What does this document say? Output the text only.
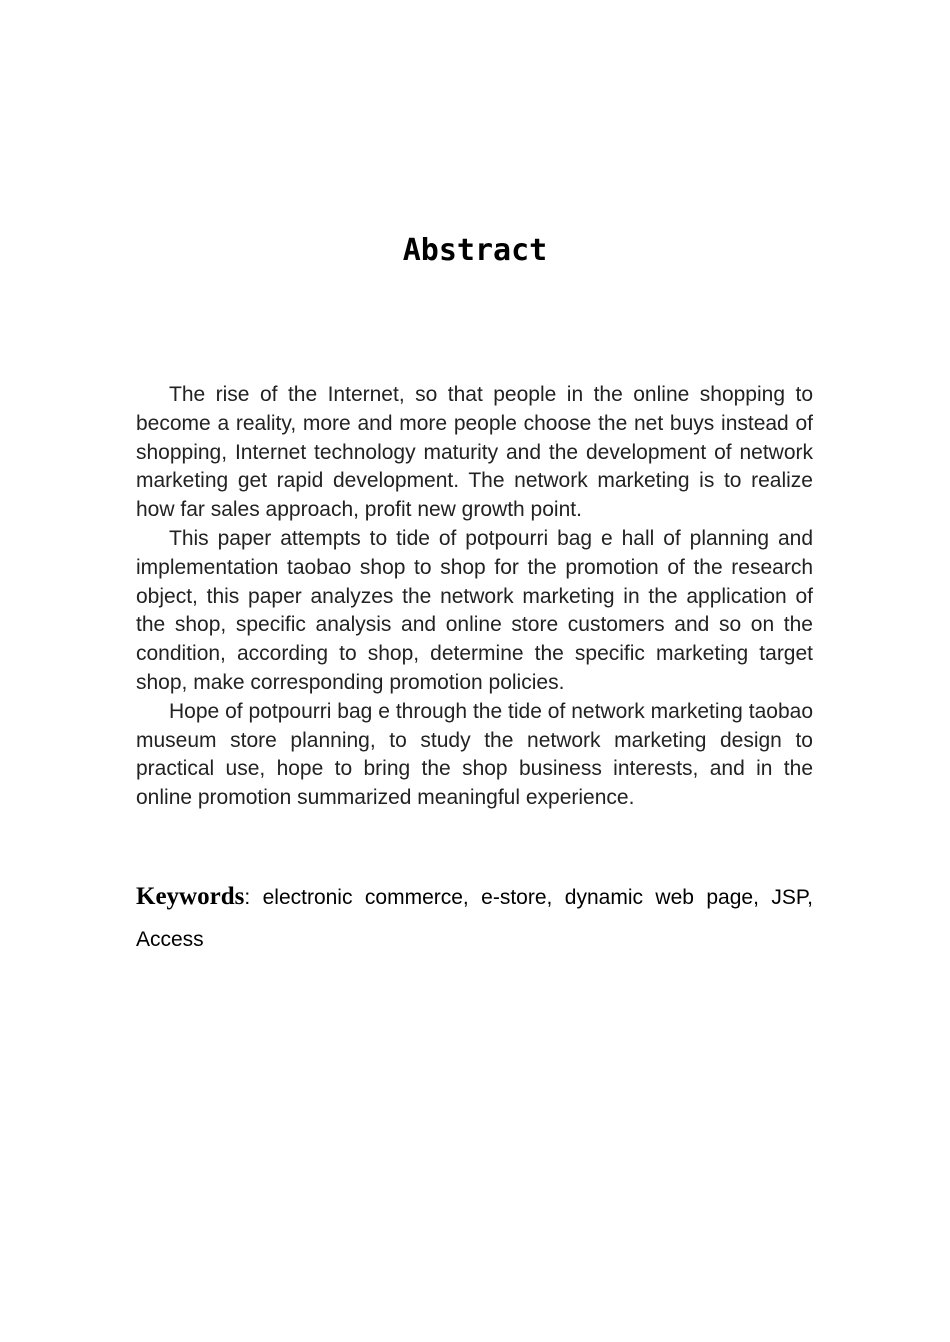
Abstract

The rise of the Internet, so that people in the online shopping to become a reality, more and more people choose the net buys instead of shopping, Internet technology maturity and the development of network marketing get rapid development. The network marketing is to realize how far sales approach, profit new growth point.

This paper attempts to tide of potpourri bag e hall of planning and implementation taobao shop to shop for the promotion of the research object, this paper analyzes the network marketing in the application of the shop, specific analysis and online store customers and so on the condition, according to shop, determine the specific marketing target shop, make corresponding promotion policies.

Hope of potpourri bag e through the tide of network marketing taobao museum store planning, to study the network marketing design to practical use, hope to bring the shop business interests, and in the online promotion summarized meaningful experience.

Keywords: electronic commerce, e-store, dynamic web page, JSP, Access
